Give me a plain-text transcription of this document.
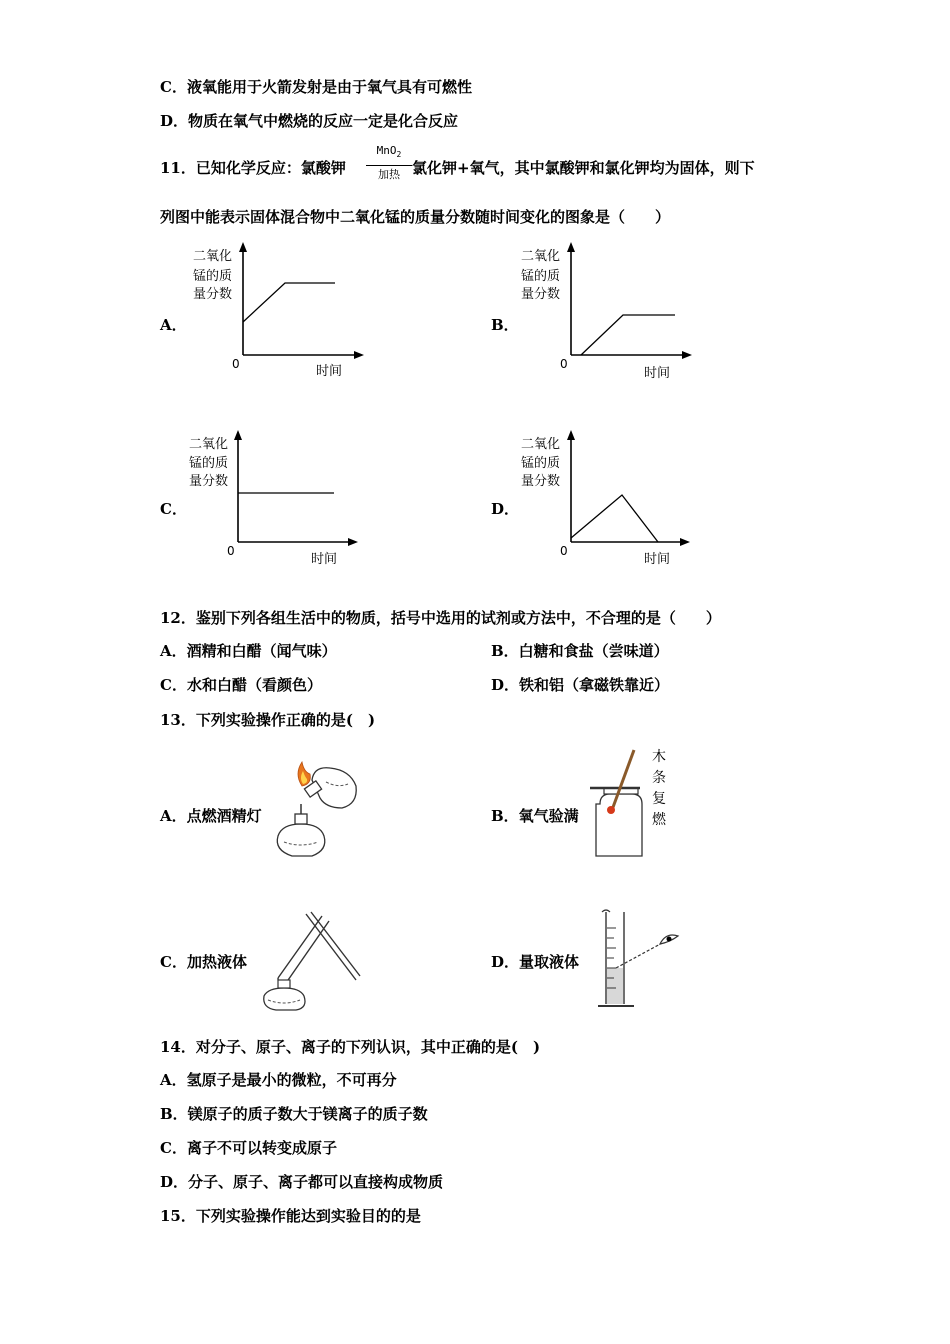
C．液氧能用于火箭发射是由于氧气具有可燃性
D．物质在氧气中燃烧的反应一定是化合反应
11．已知化学反应：氯酸钾
MnO$_2$
加热 氯化钾+氧气，其中氯酸钾和氯化钾均为固体，则下
列图中能表示固体混合物中二氧化锰的质量分数随时间变化的图象是（　　）
A．	B．
C．	D．
二氧化
锰的质
量分数
0	时间
二氧化
锰的质
量分数
0
时间
二氧化
锰的质
量分数
0
时间
二氧化
锰的质
量分数
0
时间
12．鉴别下列各组生活中的物质，括号中选用的试剂或方法中，不合理的是（　　）
A．酒精和白醋（闻气味）	B．白糖和食盐（尝味道）
C．水和白醋（看颜色）	D．铁和铝（拿磁铁靠近）
13．下列实验操作正确的是(　)
A．点燃酒精灯	B．氧气验满
C．加热液体	D．量取液体
木
条
复
燃
14．对分子、原子、离子的下列认识，其中正确的是(　)
A．氢原子是最小的微粒，不可再分
B．镁原子的质子数大于镁离子的质子数
C．离子不可以转变成原子
D．分子、原子、离子都可以直接构成物质
15．下列实验操作能达到实验目的的是
